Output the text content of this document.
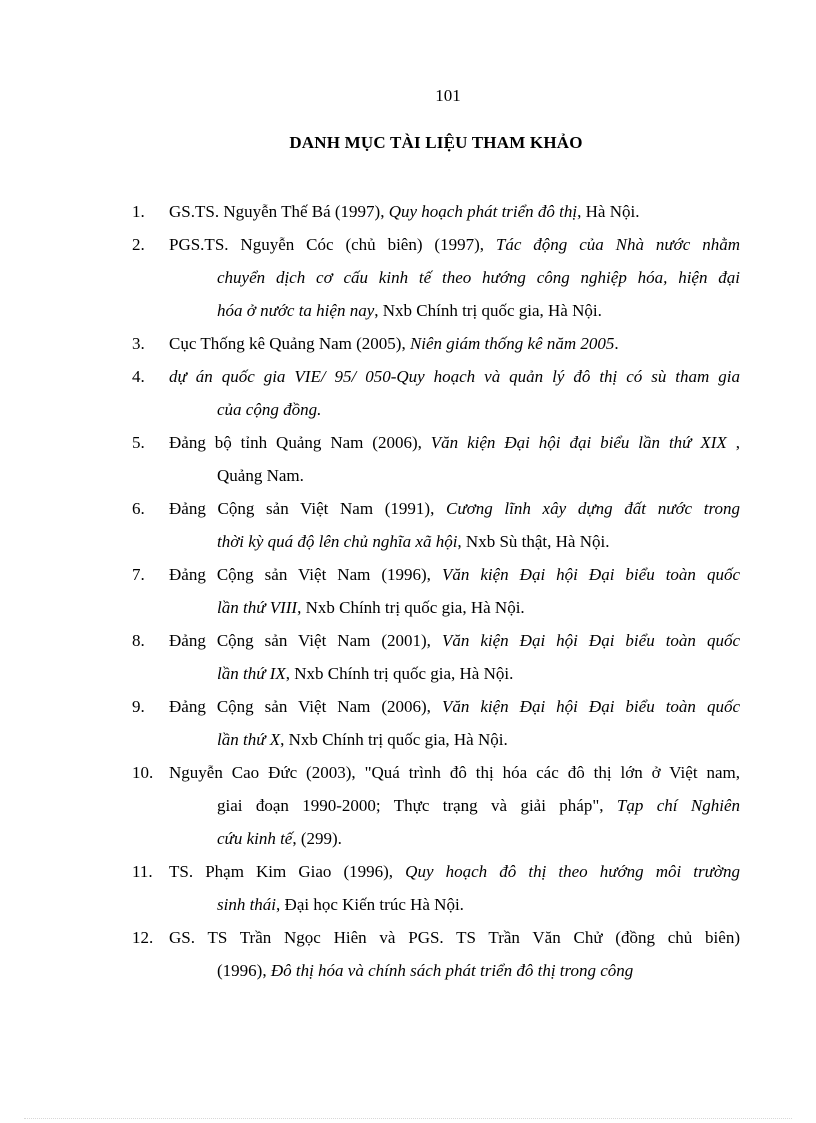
101
DANH MỤC TÀI LIỆU THAM KHẢO
1. GS.TS. Nguyễn Thế Bá (1997), Quy hoạch phát triển đô thị, Hà Nội.
2. PGS.TS. Nguyễn Cóc (chủ biên) (1997), Tác động của Nhà nước nhằm
chuyển dịch cơ cấu kinh tế theo hướng công nghiệp hóa, hiện đại
hóa ở nước ta hiện nay, Nxb Chính trị quốc gia, Hà Nội.
3. Cục Thống kê Quảng Nam (2005), Niên giám thống kê năm 2005.
4. dự án quốc gia VIE/ 95/ 050-Quy hoạch và quản lý đô thị có sù tham gia
của cộng đồng.
5. Đảng bộ tỉnh Quảng Nam (2006), Văn kiện Đại hội đại biểu lần thứ XIX ,
Quảng Nam.
6. Đảng Cộng sản Việt Nam (1991), Cương lĩnh xây dựng đất nước trong
thời kỳ quá độ lên chủ nghĩa xã hội, Nxb Sù thật, Hà Nội.
7. Đảng Cộng sản Việt Nam (1996), Văn kiện Đại hội Đại biểu toàn quốc
lần thứ VIII, Nxb Chính trị quốc gia, Hà Nội.
8. Đảng Cộng sản Việt Nam (2001), Văn kiện Đại hội Đại biểu toàn quốc
lần thứ IX, Nxb Chính trị quốc gia, Hà Nội.
9. Đảng Cộng sản Việt Nam (2006), Văn kiện Đại hội Đại biểu toàn quốc
lần thứ X, Nxb Chính trị quốc gia, Hà Nội.
10. Nguyễn Cao Đức (2003), "Quá trình đô thị hóa các đô thị lớn ở Việt nam,
giai đoạn 1990-2000; Thực trạng và giải pháp", Tạp chí Nghiên
cứu kinh tế, (299).
11. TS. Phạm Kim Giao (1996), Quy hoạch đô thị theo hướng môi trường
sinh thái, Đại học Kiến trúc Hà Nội.
12. GS. TS Trần Ngọc Hiên và PGS. TS Trần Văn Chử (đồng chủ biên)
(1996), Đô thị hóa và chính sách phát triển đô thị trong công
